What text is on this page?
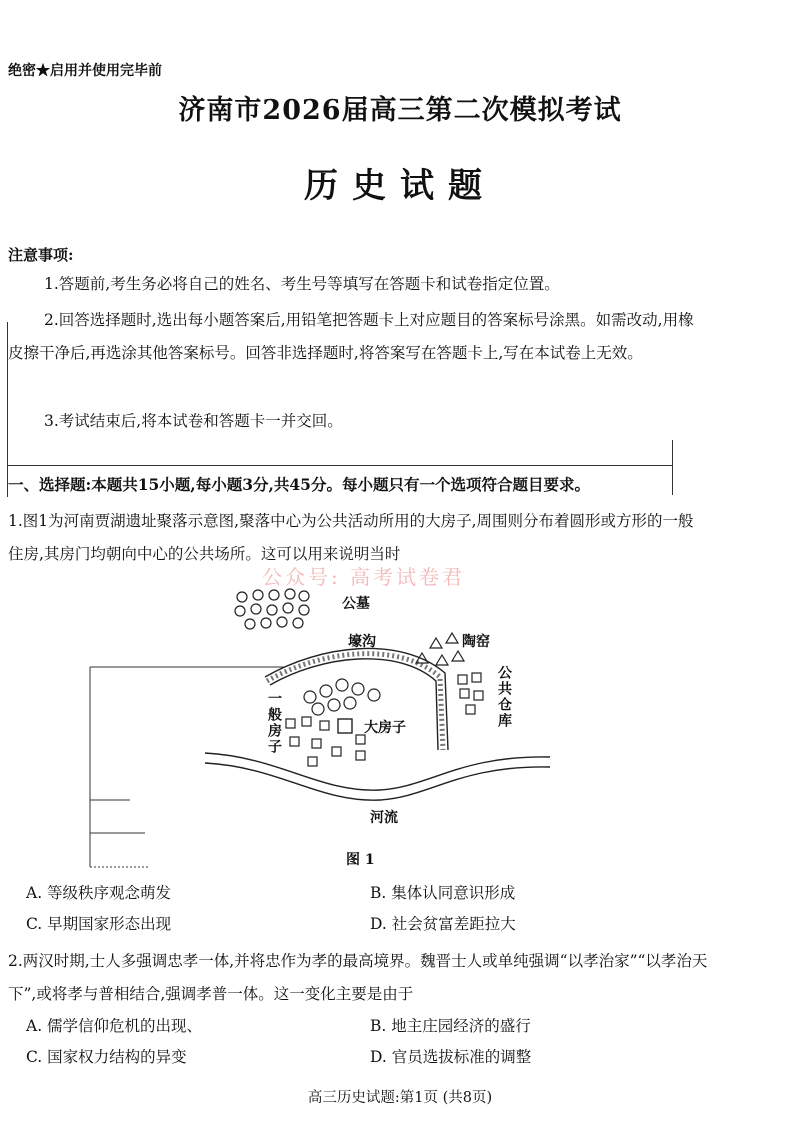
绝密★启用并使用完毕前
济南市2026届高三第二次模拟考试
历史试题
注意事项:
1.答题前,考生务必将自己的姓名、考生号等填写在答题卡和试卷指定位置。
2.回答选择题时,选出每小题答案后,用铅笔把答题卡上对应题目的答案标号涂黑。如需改动,用橡皮擦干净后,再选涂其他答案标号。回答非选择题时,将答案写在答题卡上,写在本试卷上无效。
3.考试结束后,将本试卷和答题卡一并交回。
一、选择题:本题共15小题,每小题3分,共45分。每小题只有一个选项符合题目要求。
1.图1为河南贾湖遗址聚落示意图,聚落中心为公共活动所用的大房子,周围则分布着圆形或方形的一般住房,其房门均朝向中心的公共场所。这可以用来说明当时
公众号: 高考试卷君
公墓
壕沟	陶窑
公共仓库
一般房子	大房子
河流
图 1
A. 等级秩序观念萌发	B. 集体认同意识形成
C. 早期国家形态出现	D. 社会贫富差距拉大
2.两汉时期,士人多强调忠孝一体,并将忠作为孝的最高境界。魏晋士人或单纯强调“以孝治家”“以孝治天下”,或将孝与普相结合,强调孝普一体。这一变化主要是由于
A. 儒学信仰危机的出现、	B. 地主庄园经济的盛行
C. 国家权力结构的异变	D. 官员选拔标准的调整
高三历史试题:第1页 (共8页)
